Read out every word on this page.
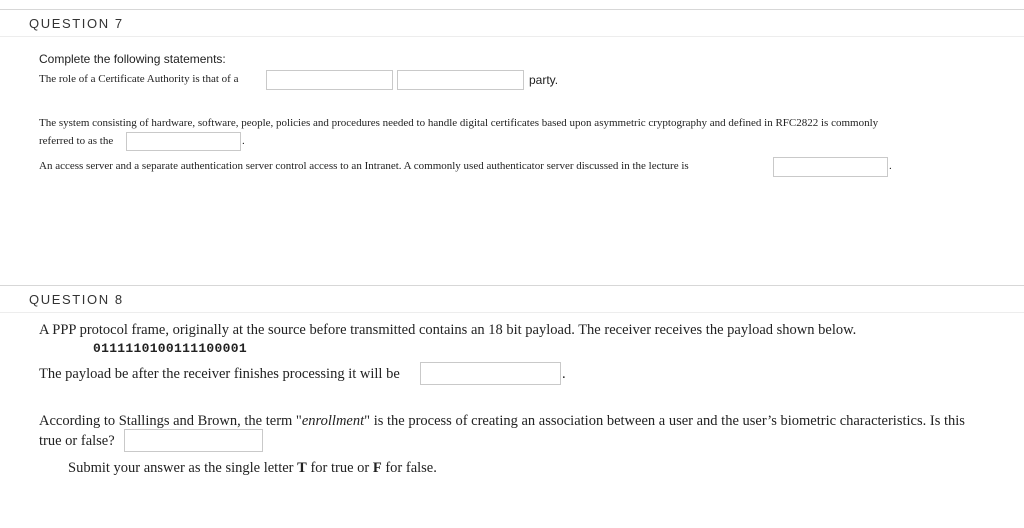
QUESTION 7
Complete the following statements:
The role of a Certificate Authority is that of a	party.
The system consisting of hardware, software, people, policies and procedures needed to handle digital certificates based upon asymmetric cryptography and defined in RFC2822 is commonly
referred to as the	.
An access server and a separate authentication server control access to an Intranet. A commonly used authenticator server discussed in the lecture is	.
QUESTION 8
A PPP protocol frame, originally at the source before transmitted contains an 18 bit payload. The receiver receives the payload shown below.
0111110100111100001
The payload be after the receiver finishes processing it will be	.
According to Stallings and Brown, the term "enrollment" is the process of creating an association between a user and the user’s biometric characteristics. Is this
true or false?
Submit your answer as the single letter T for true or F for false.
